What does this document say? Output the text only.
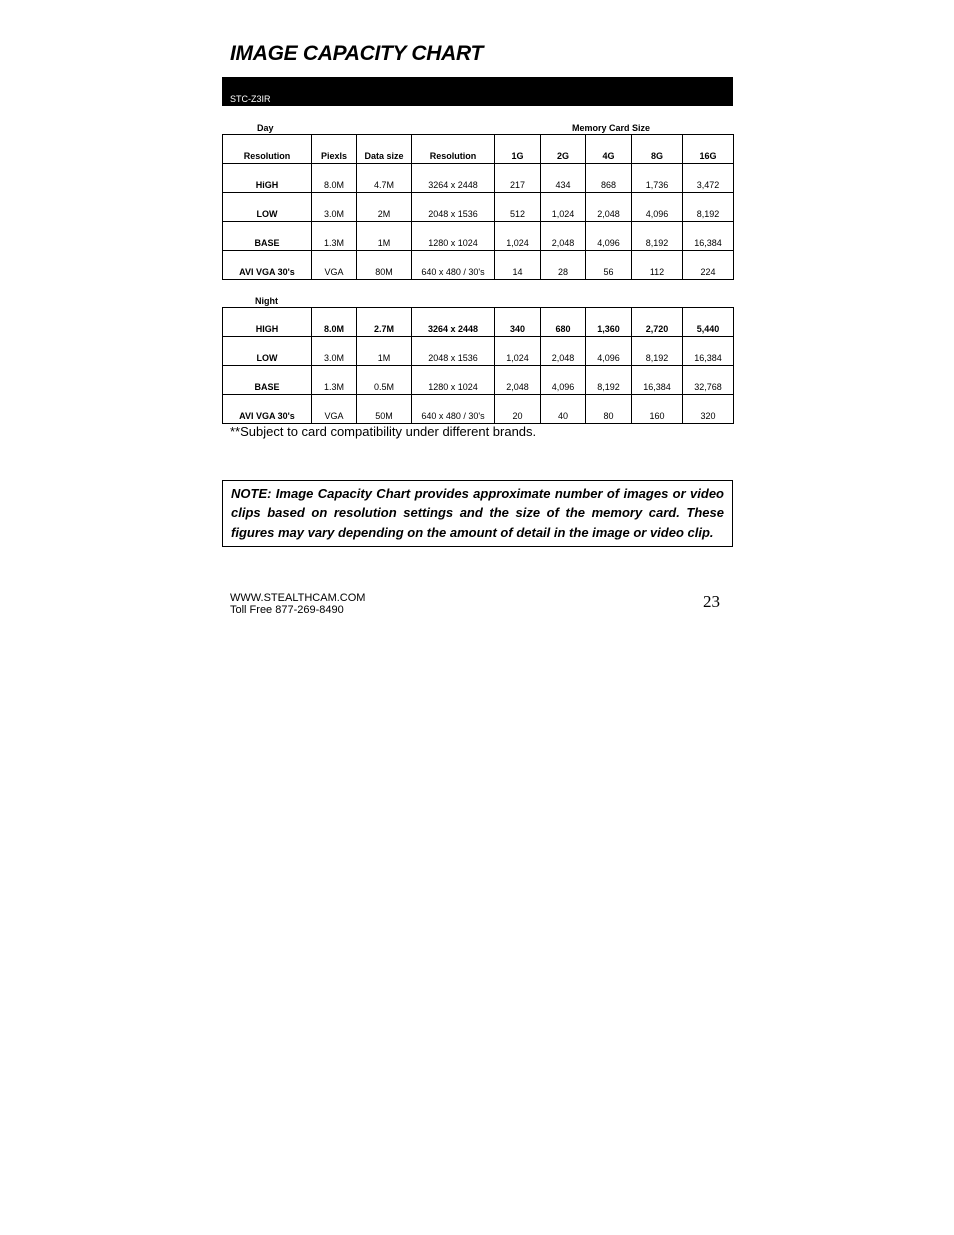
IMAGE CAPACITY CHART
STC-Z3IR
Day	Memory Card Size
Resolution	Piexls	Data size	Resolution	1G	2G	4G	8G	16G
HiGH	8.0M	4.7M	3264 x 2448	217	434	868	1,736	3,472
LOW	3.0M	2M	2048 x 1536	512	1,024	2,048	4,096	8,192
BASE	1.3M	1M	1280 x 1024	1,024	2,048	4,096	8,192	16,384
AVI VGA 30's	VGA	80M	640 x 480 / 30's	14	28	56	112	224
Night
HIGH	8.0M	2.7M	3264 x 2448	340	680	1,360	2,720	5,440
LOW	3.0M	1M	2048 x 1536	1,024	2,048	4,096	8,192	16,384
BASE	1.3M	0.5M	1280 x 1024	2,048	4,096	8,192	16,384	32,768
AVI VGA 30's	VGA	50M	640 x 480 / 30's	20	40	80	160	320

**Subject to card compatibility under different brands.

NOTE: Image Capacity Chart provides approximate number of images or video clips based on resolution settings and the size of the memory card. These figures may vary depending on the amount of detail in the image or video clip.

WWW.STEALTHCAM.COM
Toll Free 877-269-8490	23
